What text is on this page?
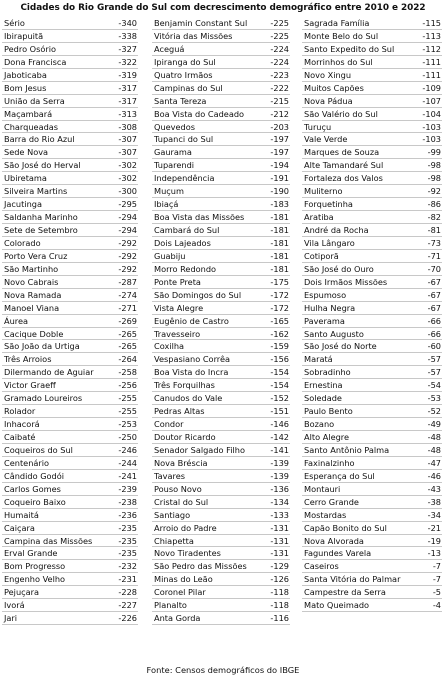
Cidades do Rio Grande do Sul com decrescimento demográfico entre 2010 e 2022
Sério	-340
Ibirapuitã	-338
Pedro Osório	-327
Dona Francisca	-322
Jaboticaba	-319
Bom Jesus	-317
União da Serra	-317
Maçambará	-313
Charqueadas	-308
Barra do Rio Azul	-307
Sede Nova	-307
São José do Herval	-302
Ubiretama	-302
Silveira Martins	-300
Jacutinga	-295
Saldanha Marinho	-294
Sete de Setembro	-294
Colorado	-292
Porto Vera Cruz	-292
São Martinho	-292
Novo Cabrais	-287
Nova Ramada	-274
Manoel Viana	-271
Áurea	-269
Cacique Doble	-265
São João da Urtiga	-265
Três Arroios	-264
Dilermando de Aguiar	-258
Victor Graeff	-256
Gramado Loureiros	-255
Rolador	-255
Inhacorá	-253
Caibaté	-250
Coqueiros do Sul	-246
Centenário	-244
Cândido Godói	-241
Carlos Gomes	-239
Coqueiro Baixo	-238
Humaitá	-236
Caiçara	-235
Campina das Missões	-235
Erval Grande	-235
Bom Progresso	-232
Engenho Velho	-231
Pejuçara	-228
Ivorá	-227
Jari	-226
Benjamin Constant Sul	-225
Vitória das Missões	-225
Aceguá	-224
Ipiranga do Sul	-224
Quatro Irmãos	-223
Campinas do Sul	-222
Santa Tereza	-215
Boa Vista do Cadeado	-212
Quevedos	-203
Tupanci do Sul	-197
Gaurama	-197
Tuparendi	-194
Independência	-191
Muçum	-190
Ibiaçá	-183
Boa Vista das Missões	-181
Cambará do Sul	-181
Dois Lajeados	-181
Guabiju	-181
Morro Redondo	-181
Ponte Preta	-175
São Domingos do Sul	-172
Vista Alegre	-172
Eugênio de Castro	-165
Travesseiro	-162
Coxilha	-159
Vespasiano Corrêa	-156
Boa Vista do Incra	-154
Três Forquilhas	-154
Canudos do Vale	-152
Pedras Altas	-151
Condor	-146
Doutor Ricardo	-142
Senador Salgado Filho	-141
Nova Bréscia	-139
Tavares	-139
Pouso Novo	-136
Cristal do Sul	-134
Santiago	-133
Arroio do Padre	-131
Chiapetta	-131
Novo Tiradentes	-131
São Pedro das Missões	-129
Minas do Leão	-126
Coronel Pilar	-118
Planalto	-118
Anta Gorda	-116
Sagrada Família	-115
Monte Belo do Sul	-113
Santo Expedito do Sul	-112
Morrinhos do Sul	-111
Novo Xingu	-111
Muitos Capões	-109
Nova Pádua	-107
São Valério do Sul	-104
Turuçu	-103
Vale Verde	-103
Marques de Souza	-99
Alte Tamandaré Sul	-98
Fortaleza dos Valos	-98
Muliterno	-92
Forquetinha	-86
Aratiba	-82
André da Rocha	-81
Vila Lângaro	-73
Cotiporã	-71
São José do Ouro	-70
Dois Irmãos Missões	-67
Espumoso	-67
Hulha Negra	-67
Paverama	-66
Santo Augusto	-66
São José do Norte	-60
Maratá	-57
Sobradinho	-57
Ernestina	-54
Soledade	-53
Paulo Bento	-52
Bozano	-49
Alto Alegre	-48
Santo Antônio Palma	-48
Faxinalzinho	-47
Esperança do Sul	-46
Montauri	-43
Cerro Grande	-38
Mostardas	-34
Capão Bonito do Sul	-21
Nova Alvorada	-19
Fagundes Varela	-13
Caseiros	-7
Santa Vitória do Palmar	-7
Campestre da Serra	-5
Mato Queimado	-4
Fonte: Censos demográficos do IBGE
